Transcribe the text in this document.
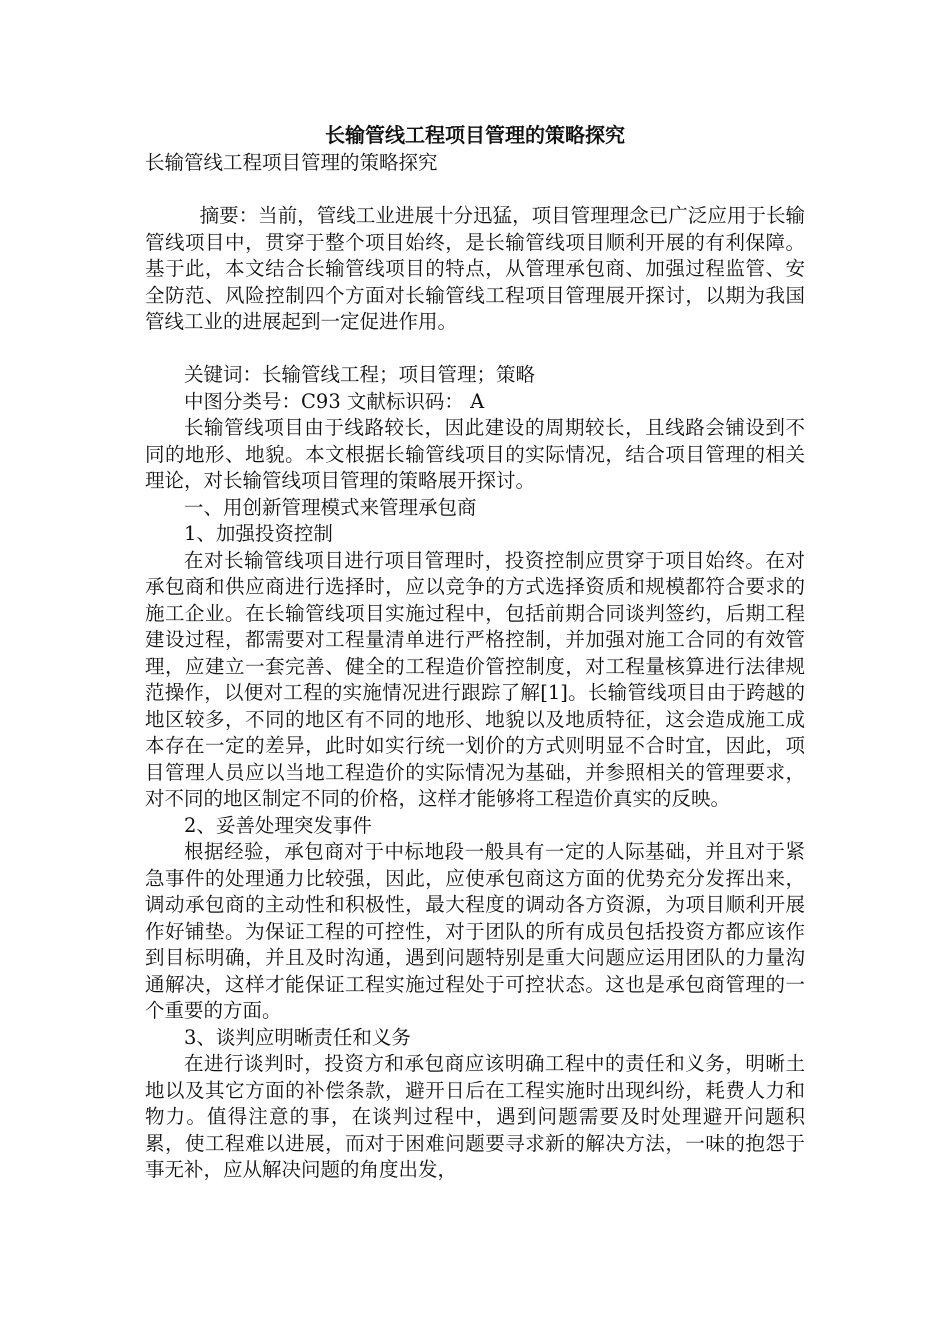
长输管线工程项目管理的策略探究

长输管线工程项目管理的策略探究

摘要：当前，管线工业进展十分迅猛，项目管理理念已广泛应用于长输管线项目中，贯穿于整个项目始终，是长输管线项目顺利开展的有利保障。基于此，本文结合长输管线项目的特点，从管理承包商、加强过程监管、安全防范、风险控制四个方面对长输管线工程项目管理展开探讨，以期为我国管线工业的进展起到一定促进作用。

关键词：长输管线工程；项目管理；策略

中图分类号：C93 文献标识码： A

长输管线项目由于线路较长，因此建设的周期较长，且线路会铺设到不同的地形、地貌。本文根据长输管线项目的实际情况，结合项目管理的相关理论，对长输管线项目管理的策略展开探讨。

一、用创新管理模式来管理承包商

1、加强投资控制

在对长输管线项目进行项目管理时，投资控制应贯穿于项目始终。在对承包商和供应商进行选择时，应以竞争的方式选择资质和规模都符合要求的施工企业。在长输管线项目实施过程中，包括前期合同谈判签约，后期工程建设过程，都需要对工程量清单进行严格控制，并加强对施工合同的有效管理，应建立一套完善、健全的工程造价管控制度，对工程量核算进行法律规范操作，以便对工程的实施情况进行跟踪了解[1]。长输管线项目由于跨越的地区较多，不同的地区有不同的地形、地貌以及地质特征，这会造成施工成本存在一定的差异，此时如实行统一划价的方式则明显不合时宜，因此，项目管理人员应以当地工程造价的实际情况为基础，并参照相关的管理要求，对不同的地区制定不同的价格，这样才能够将工程造价真实的反映。

2、妥善处理突发事件

根据经验，承包商对于中标地段一般具有一定的人际基础，并且对于紧急事件的处理通力比较强，因此，应使承包商这方面的优势充分发挥出来，调动承包商的主动性和积极性，最大程度的调动各方资源，为项目顺利开展作好铺垫。为保证工程的可控性，对于团队的所有成员包括投资方都应该作到目标明确，并且及时沟通，遇到问题特别是重大问题应运用团队的力量沟通解决，这样才能保证工程实施过程处于可控状态。这也是承包商管理的一个重要的方面。

3、谈判应明晰责任和义务

在进行谈判时，投资方和承包商应该明确工程中的责任和义务，明晰土地以及其它方面的补偿条款，避开日后在工程实施时出现纠纷，耗费人力和物力。值得注意的事，在谈判过程中，遇到问题需要及时处理避开问题积累，使工程难以进展，而对于困难问题要寻求新的解决方法，一味的抱怨于事无补，应从解决问题的角度出发，
